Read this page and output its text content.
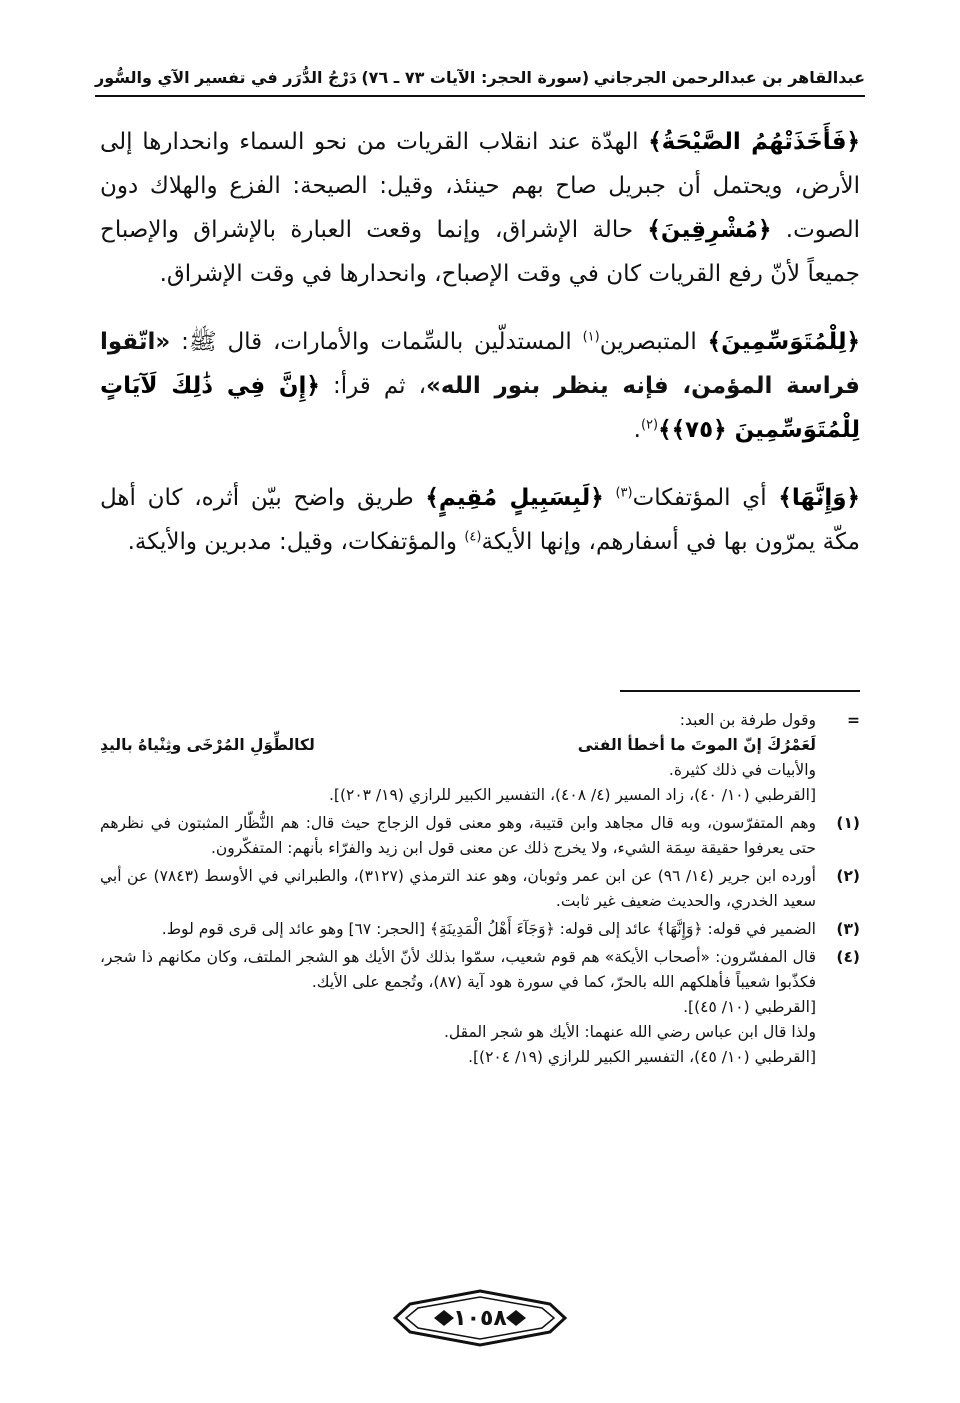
عبدالقاهر بن عبدالرحمن الجرجاني
(سورة الحجر: الآيات ٧٣ ـ ٧٦)
دَرْجُ الدُّرَر في تفسير الآي والسُّور

﴿فَأَخَذَتْهُمُ الصَّيْحَةُ﴾ الهدّة عند انقلاب القريات من نحو السماء وانحدارها إلى الأرض، ويحتمل أن جبريل صاح بهم حينئذ، وقيل: الصيحة: الفزع والهلاك دون الصوت. ﴿مُشْرِقِينَ﴾ حالة الإشراق، وإنما وقعت العبارة بالإشراق والإصباح جميعاً لأنّ رفع القريات كان في وقت الإصباح، وانحدارها في وقت الإشراق.

﴿لِلْمُتَوَسِّمِينَ﴾ المتبصرين$^{(١)}$ المستدلّين بالسِّمات والأمارات، قال ﷺ: «اتّقوا فراسة المؤمن، فإنه ينظر بنور الله»، ثم قرأ: ﴿إِنَّ فِي ذَٰلِكَ لَآيَاتٍ لِلْمُتَوَسِّمِينَ ﴿٧٥﴾﴾$^{(٢)}$.

﴿وَإِنَّهَا﴾ أي المؤتفكات$^{(٣)}$ ﴿لَبِسَبِيلٍ مُقِيمٍ﴾ طريق واضح بيّن أثره، كان أهل مكّة يمرّون بها في أسفارهم، وإنها الأيكة$^{(٤)}$ والمؤتفكات، وقيل: مدبرين والأيكة.

=
وقول طرفة بن العبد:
لَعَمْرُكَ إنّ الموتَ ما أخطأ الفتى
لكالطِّوَلِ المُرْخَى وثِنْياهُ باليدِ
والأبيات في ذلك كثيرة.
[القرطبي (١٠/ ٤٠)، زاد المسير (٤/ ٤٠٨)، التفسير الكبير للرازي (١٩/ ٢٠٣)].
(١)
وهم المتفرّسون، وبه قال مجاهد وابن قتيبة، وهو معنى قول الزجاج حيث قال: هم النُّظّار المثبتون في نظرهم حتى يعرفوا حقيقة سِمَة الشيء، ولا يخرج ذلك عن معنى قول ابن زيد والفرّاء بأنهم: المتفكّرون.
(٢)
أورده ابن جرير (١٤/ ٩٦) عن ابن عمر وثوبان، وهو عند الترمذي (٣١٢٧)، والطبراني في الأوسط (٧٨٤٣) عن أبي سعيد الخدري، والحديث ضعيف غير ثابت.
(٣)
الضمير في قوله: ﴿وَإِنَّهَا﴾ عائد إلى قوله: ﴿وَجَآءَ أَهْلُ الْمَدِينَةِ﴾ [الحجر: ٦٧] وهو عائد إلى قرى قوم لوط.
(٤)
قال المفسّرون: «أصحاب الأيكة» هم قوم شعيب، سمّوا بذلك لأنّ الأيك هو الشجر الملتف، وكان مكانهم ذا شجر، فكذّبوا شعيباً فأهلكهم الله بالحرّ، كما في سورة هود آية (٨٧)، وتُجمع على الأيك.
[القرطبي (١٠/ ٤٥)].
ولذا قال ابن عباس رضي الله عنهما: الأيك هو شجر المقل.
[القرطبي (١٠/ ٤٥)، التفسير الكبير للرازي (١٩/ ٢٠٤)].
١٠٥٨
